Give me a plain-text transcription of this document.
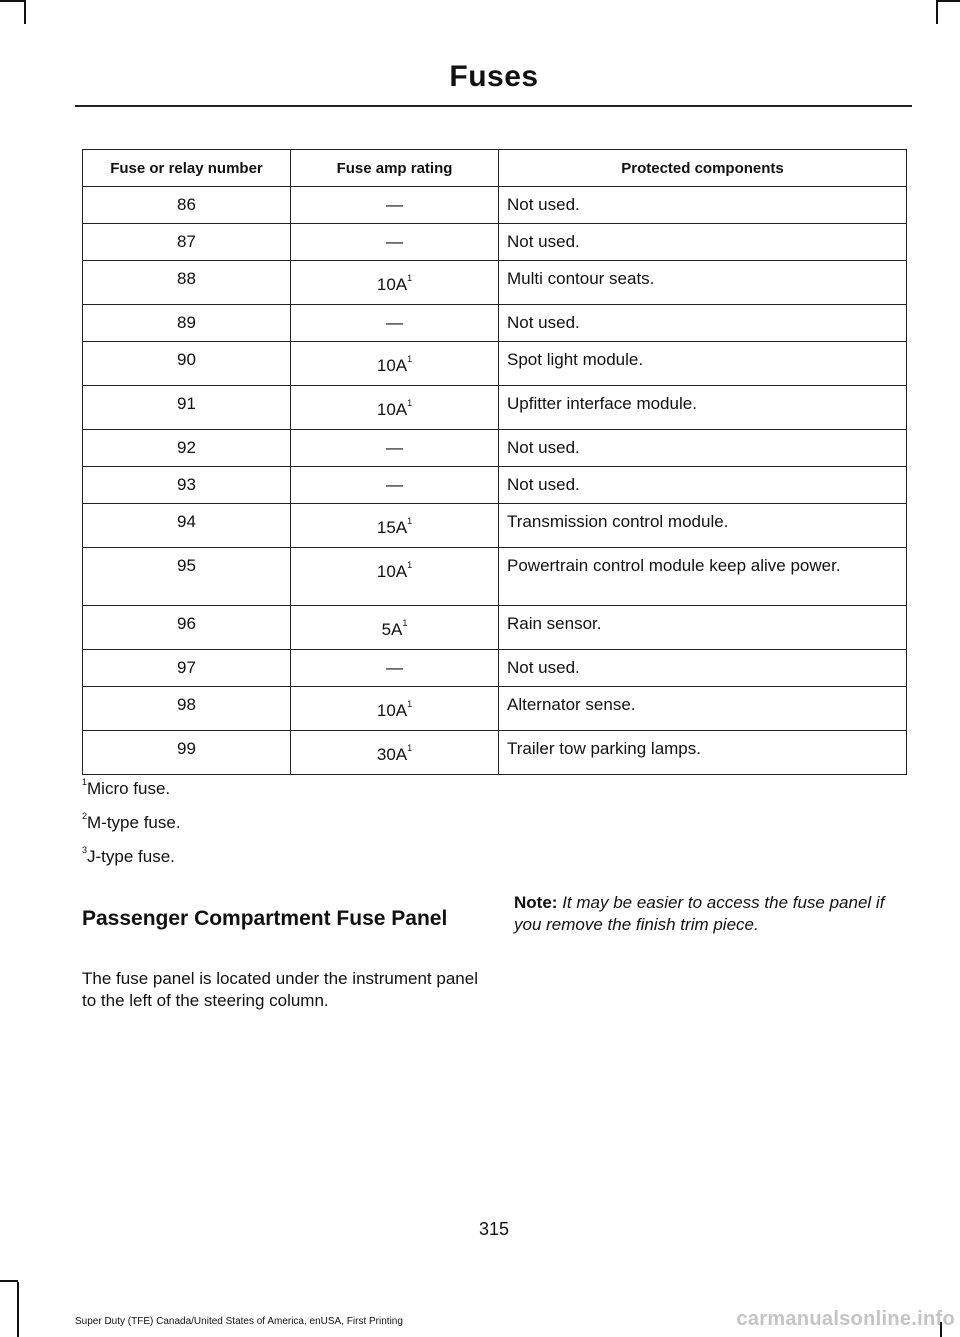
Fuses
Fuse or relay number	Fuse amp rating	Protected components
86	—	Not used.
87	—	Not used.
88	$10A^1$	Multi contour seats.
89	—	Not used.
90	$10A^1$	Spot light module.
91	$10A^1$	Upfitter interface module.
92	—	Not used.
93	—	Not used.
94	$15A^1$	Transmission control module.
95	$10A^1$	Powertrain control module keep alive power.
96	$5A^1$	Rain sensor.
97	—	Not used.
98	$10A^1$	Alternator sense.
99	$30A^1$	Trailer tow parking lamps.
$^1$Micro fuse.
$^2$M-type fuse.
$^3$J-type fuse.
Passenger Compartment Fuse Panel
The fuse panel is located under the instrument panel to the left of the steering column.
Note: It may be easier to access the fuse panel if you remove the finish trim piece.
315
Super Duty (TFE) Canada/United States of America, enUSA, First Printing	carmanualsonline.info
